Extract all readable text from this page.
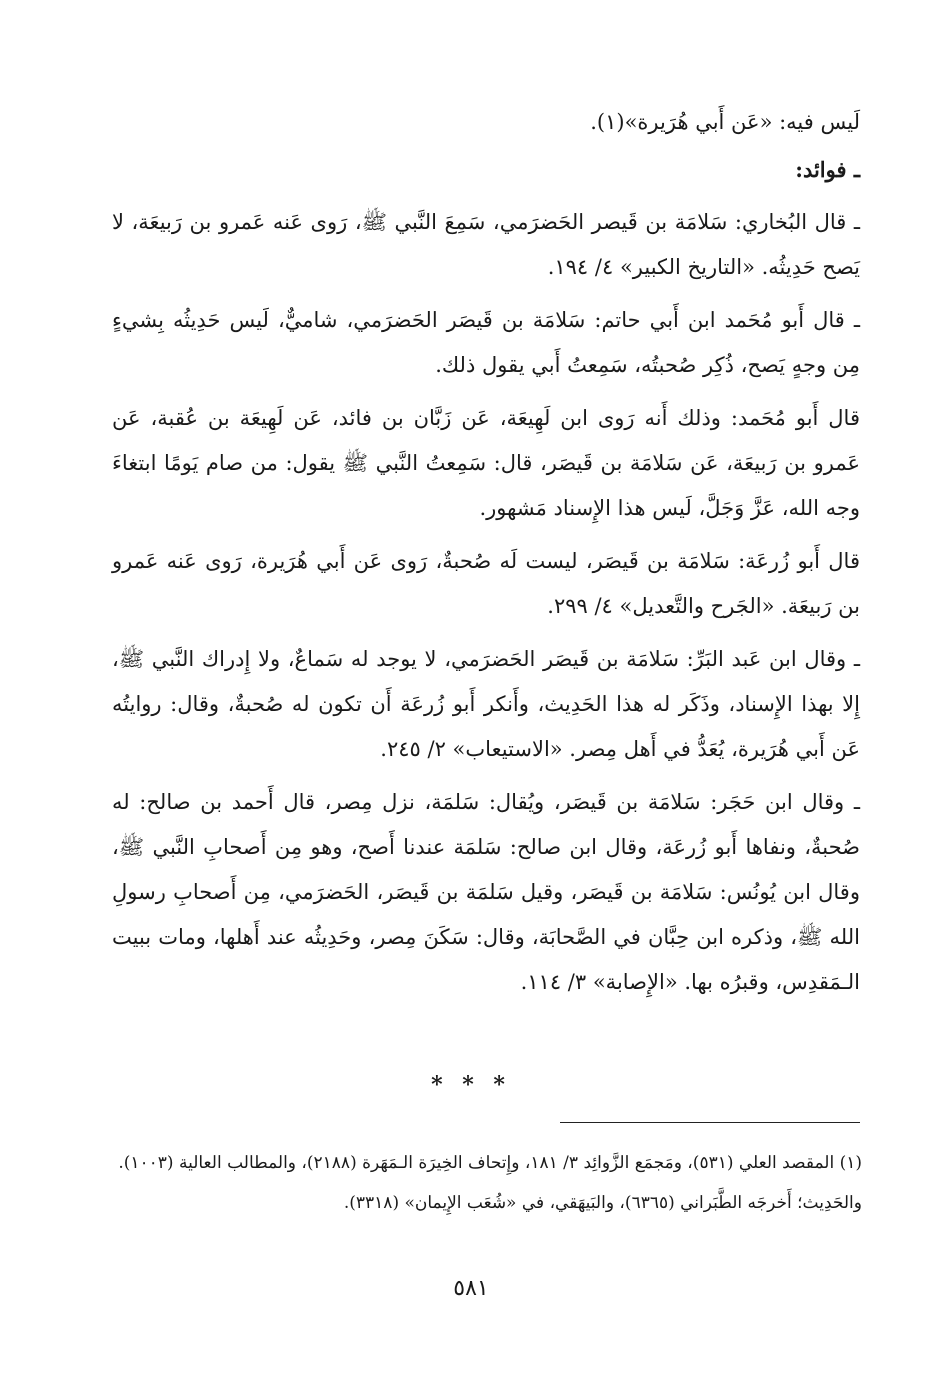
لَيس فيه: «عَن أَبي هُرَيرة»(١).

ـ فوائد:

ـ قال البُخاري: سَلامَة بن قَيصر الحَضرَمي، سَمِعَ النَّبي ﷺ، رَوى عَنه عَمرو بن رَبيعَة، لا يَصح حَدِيثُه. «التاريخ الكبير» ٤/ ١٩٤.

ـ قال أَبو مُحَمد ابن أَبي حاتم: سَلامَة بن قَيصَر الحَضرَمي، شاميٌّ، لَيس حَدِيثُه بِشيءٍ مِن وجهٍ يَصح، ذُكِر صُحبتُه، سَمِعتُ أَبي يقول ذلك.

قال أَبو مُحَمد: وذلك أَنه رَوى ابن لَهِيعَة، عَن زَبَّان بن فائد، عَن لَهِيعَة بن عُقبة، عَن عَمرو بن رَبيعَة، عَن سَلامَة بن قَيصَر، قال: سَمِعتُ النَّبي ﷺ يقول: من صام يَومًا ابتغاءَ وجه الله، عَزَّ وَجَلَّ، لَيس هذا الإِسناد مَشهور.

قال أَبو زُرعَة: سَلامَة بن قَيصَر، ليست لَه صُحبةٌ، رَوى عَن أَبي هُرَيرة، رَوى عَنه عَمرو بن رَبيعَة. «الجَرح والتَّعديل» ٤/ ٢٩٩.

ـ وقال ابن عَبد البَرِّ: سَلامَة بن قَيصَر الحَضرَمي، لا يوجد له سَماعٌ، ولا إِدراك النَّبي ﷺ، إِلا بهذا الإِسناد، وذَكَر له هذا الحَدِيث، وأَنكر أَبو زُرعَة أَن تكون له صُحبةٌ، وقال: روايتُه عَن أَبي هُرَيرة، يُعَدُّ في أَهل مِصر. «الاستيعاب» ٢/ ٢٤٥.

ـ وقال ابن حَجَر: سَلامَة بن قَيصَر، ويُقال: سَلمَة، نزل مِصر، قال أَحمد بن صالح: له صُحبةٌ، ونفاها أَبو زُرعَة، وقال ابن صالح: سَلمَة عندنا أَصح، وهو مِن أَصحابِ النَّبي ﷺ، وقال ابن يُونُس: سَلامَة بن قَيصَر، وقيل سَلمَة بن قَيصَر، الحَضرَمي، مِن أَصحابِ رسولِ الله ﷺ، وذكره ابن حِبَّان في الصَّحابَة، وقال: سَكَنَ مِصر، وحَدِيثُه عند أَهلها، ومات ببيت الـمَقدِس، وقبرُه بها. «الإِصابة» ٣/ ١١٤.

* * *

(١) المقصد العلي (٥٣١)، ومَجمَع الزَّوائِد ٣/ ١٨١، وإِتحاف الخِيرَة الـمَهَرة (٢١٨٨)، والمطالب العالية (١٠٠٣).

والحَدِيث؛ أَخرجَه الطَّبَراني (٦٣٦٥)، والبَيهَقي، في «شُعَب الإِيمان» (٣٣١٨).

٥٨١
